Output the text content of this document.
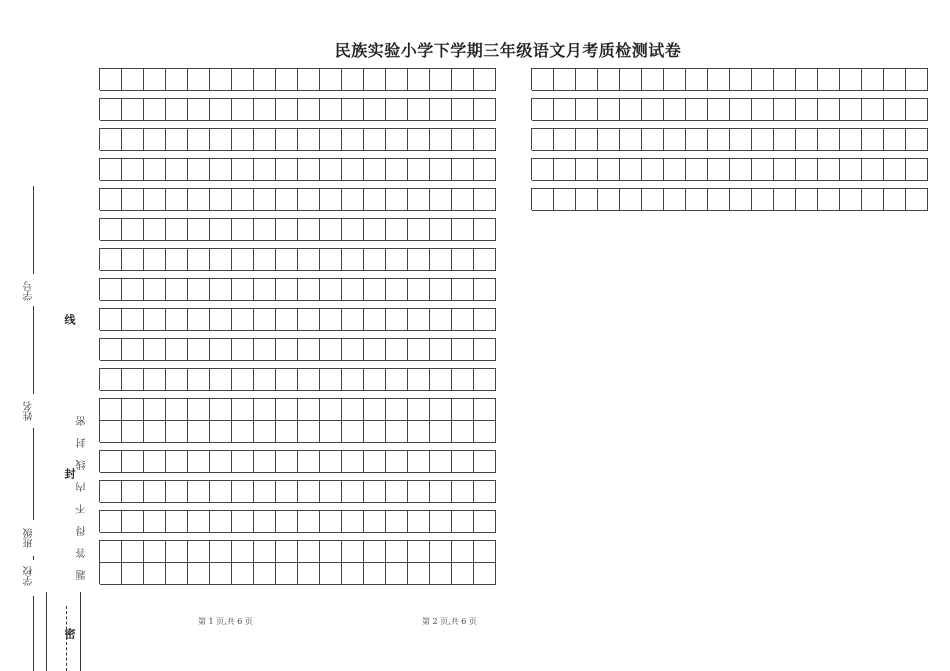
民族实验小学下学期三年级语文月考质检测试卷
学号
姓名
班级
学校
线
封
密
题答得不内线封密
第 1 页,共 6 页	第 2 页,共 6 页
